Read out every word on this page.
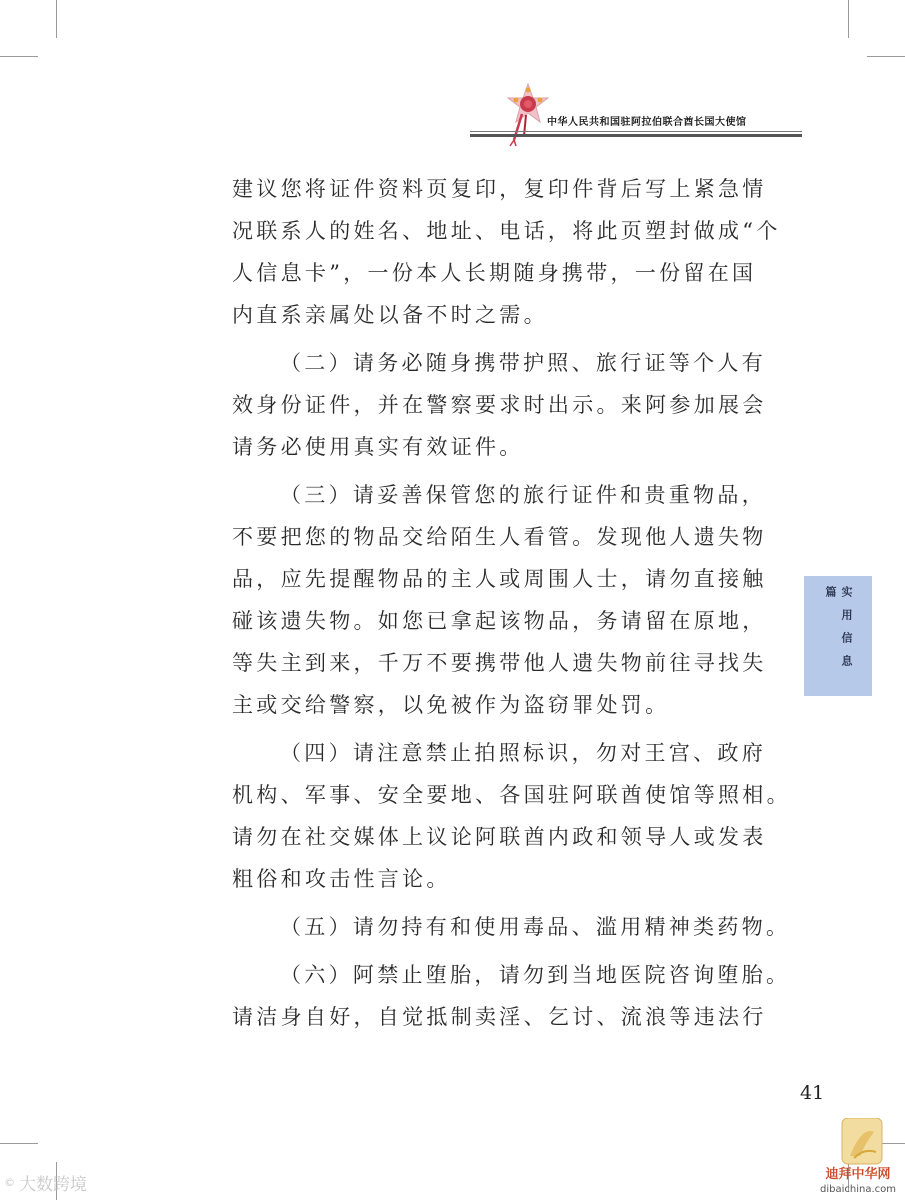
中华人民共和国驻阿拉伯联合酋长国大使馆
建议您将证件资料页复印，复印件背后写上紧急情
况联系人的姓名、地址、电话，将此页塑封做成“个
人信息卡”，一份本人长期随身携带，一份留在国
内直系亲属处以备不时之需。
（二）请务必随身携带护照、旅行证等个人有
效身份证件，并在警察要求时出示。来阿参加展会
请务必使用真实有效证件。
（三）请妥善保管您的旅行证件和贵重物品，
不要把您的物品交给陌生人看管。发现他人遗失物
品，应先提醒物品的主人或周围人士，请勿直接触
碰该遗失物。如您已拿起该物品，务请留在原地，
等失主到来，千万不要携带他人遗失物前往寻找失
主或交给警察，以免被作为盗窃罪处罚。
（四）请注意禁止拍照标识，勿对王宫、政府
机构、军事、安全要地、各国驻阿联酋使馆等照相。
请勿在社交媒体上议论阿联酋内政和领导人或发表
粗俗和攻击性言论。
（五）请勿持有和使用毒品、滥用精神类药物。
（六）阿禁止堕胎，请勿到当地医院咨询堕胎。
请洁身自好，自觉抵制卖淫、乞讨、流浪等违法行
实用信息篇
41
© 大数跨境
迪拜中华网
dibaichina.com
